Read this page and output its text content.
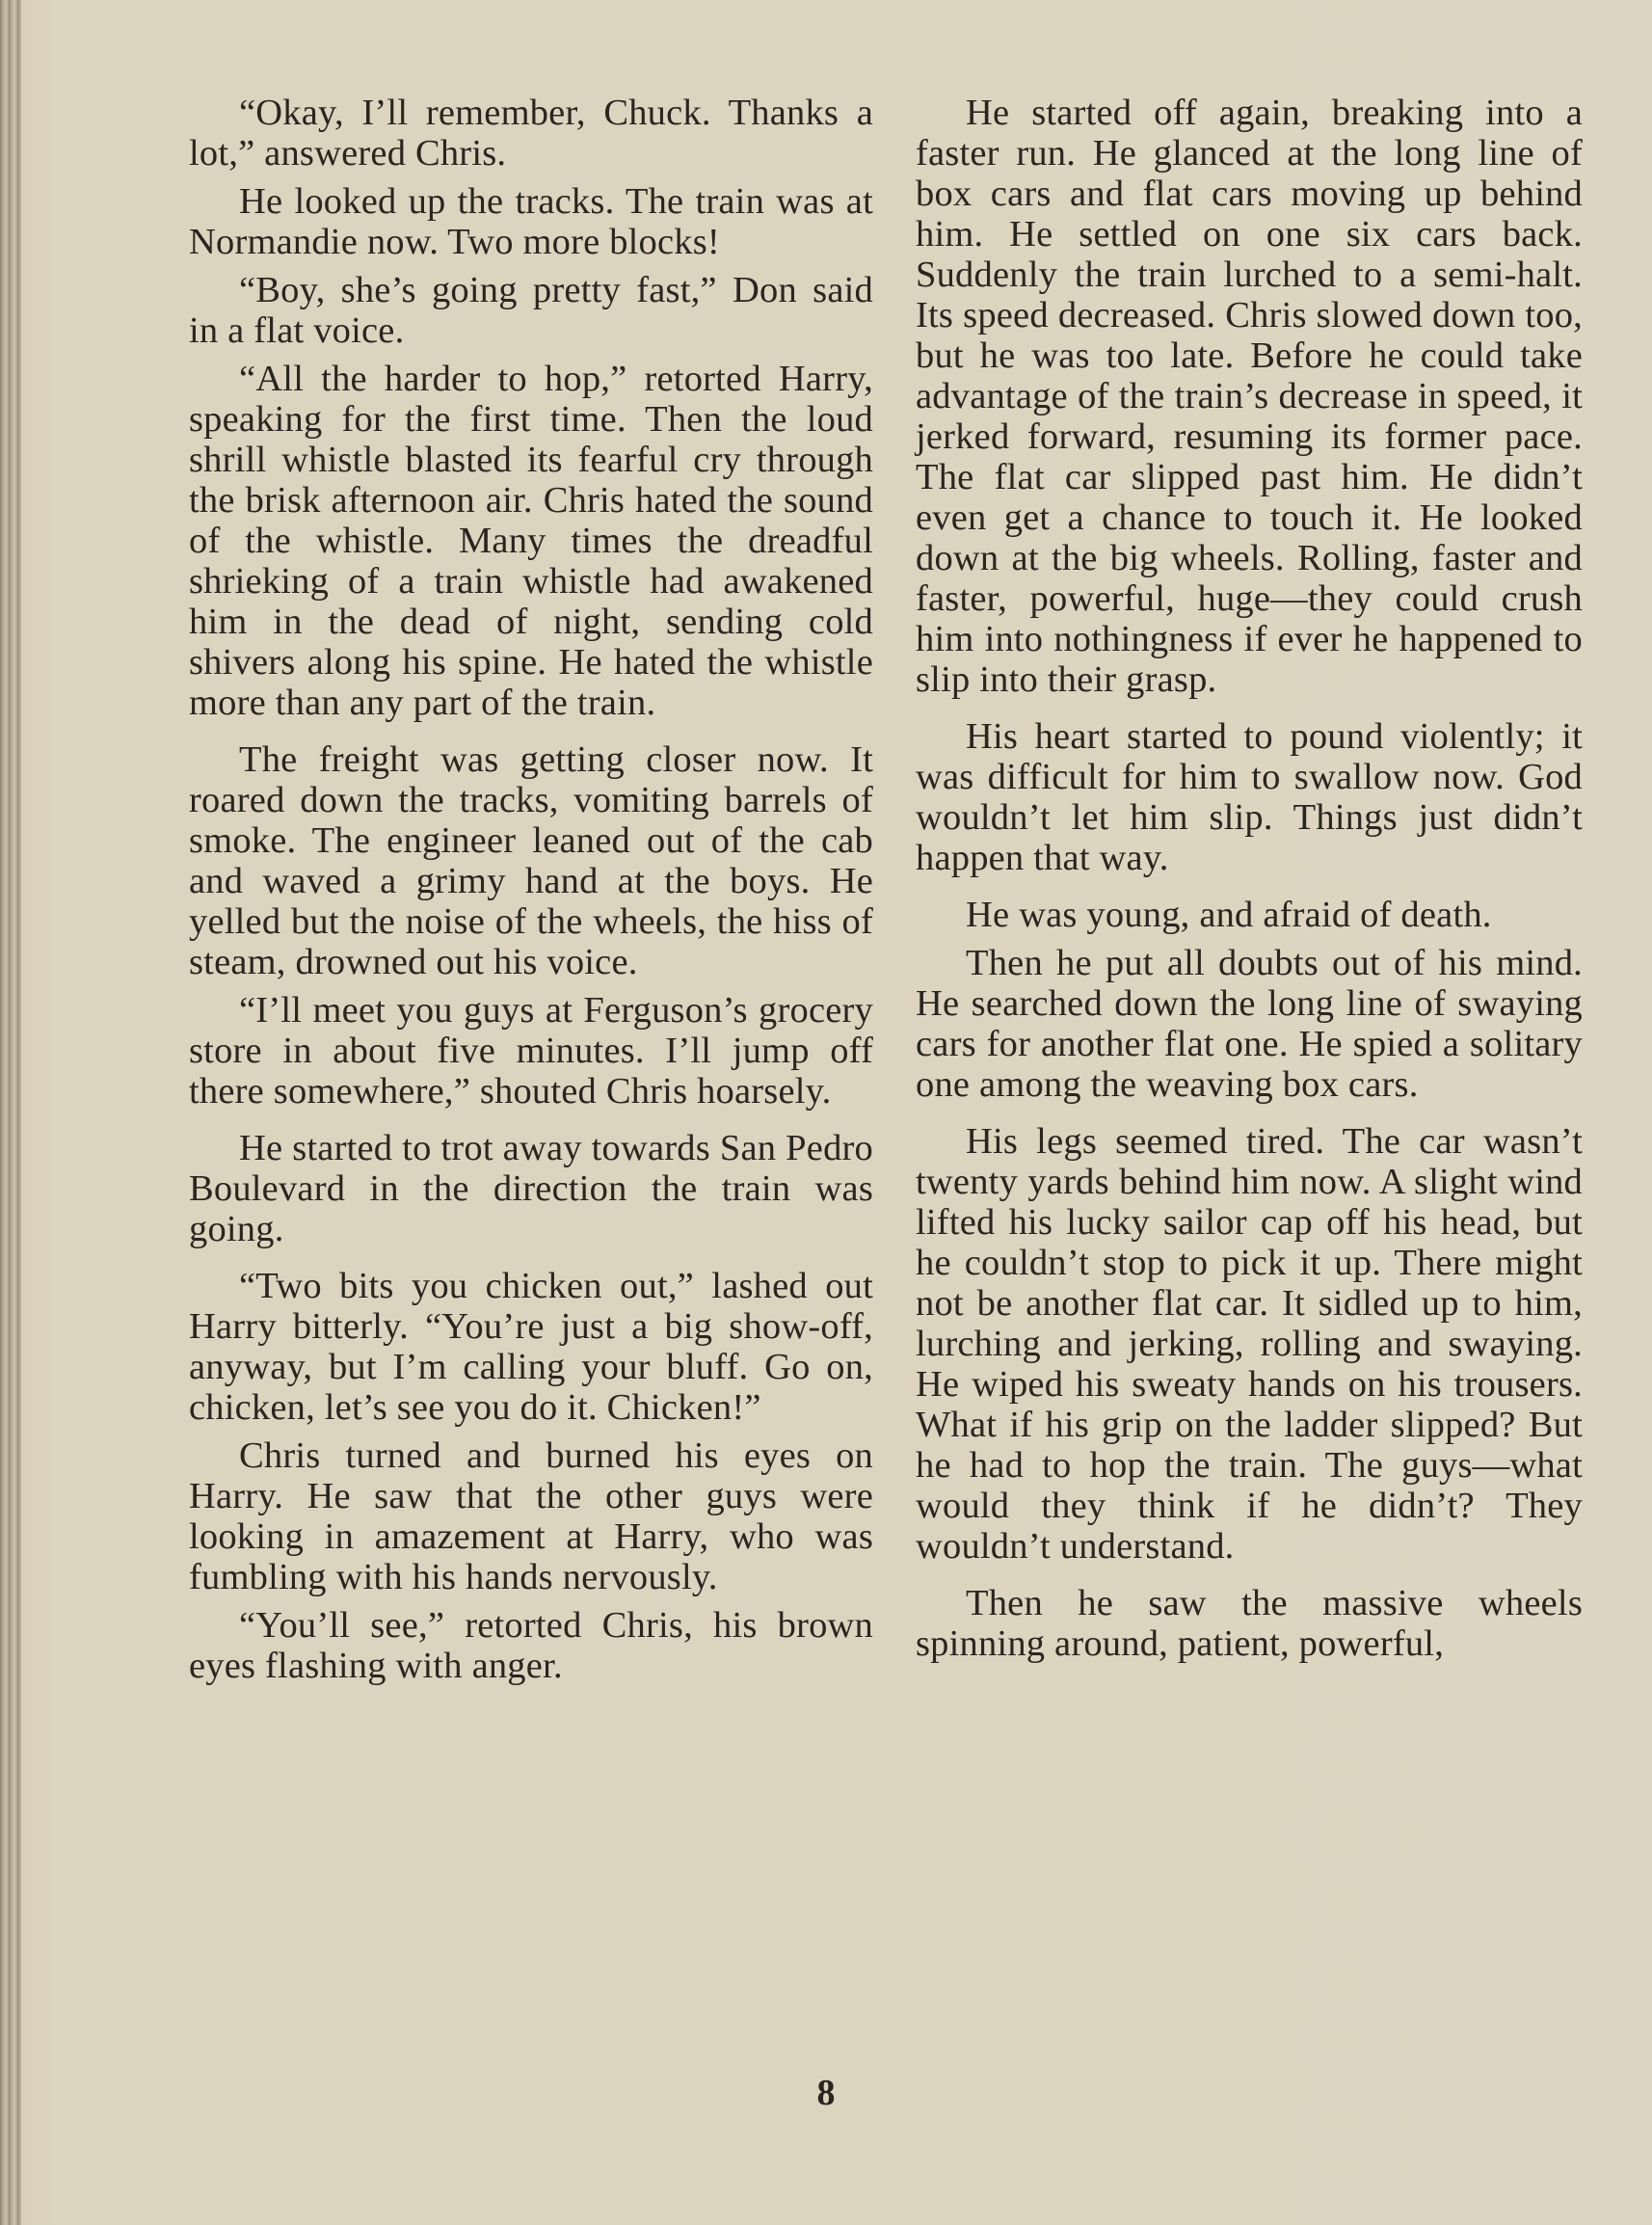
“Okay, I’ll remember, Chuck. Thanks a lot,” answered Chris.

He looked up the tracks. The train was at Normandie now. Two more blocks!

“Boy, she’s going pretty fast,” Don said in a flat voice.

“All the harder to hop,” retorted Harry, speaking for the first time. Then the loud shrill whistle blasted its fearful cry through the brisk afternoon air. Chris hated the sound of the whistle. Many times the dreadful shrieking of a train whistle had awakened him in the dead of night, sending cold shivers along his spine. He hated the whistle more than any part of the train.

The freight was getting closer now. It roared down the tracks, vomiting barrels of smoke. The engineer leaned out of the cab and waved a grimy hand at the boys. He yelled but the noise of the wheels, the hiss of steam, drowned out his voice.

“I’ll meet you guys at Ferguson’s grocery store in about five minutes. I’ll jump off there somewhere,” shouted Chris hoarsely.

He started to trot away towards San Pedro Boulevard in the direction the train was going.

“Two bits you chicken out,” lashed out Harry bitterly. “You’re just a big show-off, anyway, but I’m calling your bluff. Go on, chicken, let’s see you do it. Chicken!”

Chris turned and burned his eyes on Harry. He saw that the other guys were looking in amazement at Harry, who was fumbling with his hands nervously.

“You’ll see,” retorted Chris, his brown eyes flashing with anger.

He started off again, breaking into a faster run. He glanced at the long line of box cars and flat cars moving up behind him. He settled on one six cars back. Suddenly the train lurched to a semi-halt. Its speed decreased. Chris slowed down too, but he was too late. Before he could take advantage of the train’s decrease in speed, it jerked forward, resuming its former pace. The flat car slipped past him. He didn’t even get a chance to touch it. He looked down at the big wheels. Rolling, faster and faster, powerful, huge—they could crush him into nothingness if ever he happened to slip into their grasp.

His heart started to pound violently; it was difficult for him to swallow now. God wouldn’t let him slip. Things just didn’t happen that way.

He was young, and afraid of death.

Then he put all doubts out of his mind. He searched down the long line of swaying cars for another flat one. He spied a solitary one among the weaving box cars.

His legs seemed tired. The car wasn’t twenty yards behind him now. A slight wind lifted his lucky sailor cap off his head, but he couldn’t stop to pick it up. There might not be another flat car. It sidled up to him, lurching and jerking, rolling and swaying. He wiped his sweaty hands on his trousers. What if his grip on the ladder slipped? But he had to hop the train. The guys—what would they think if he didn’t? They wouldn’t understand.

Then he saw the massive wheels spinning around, patient, powerful,

8
